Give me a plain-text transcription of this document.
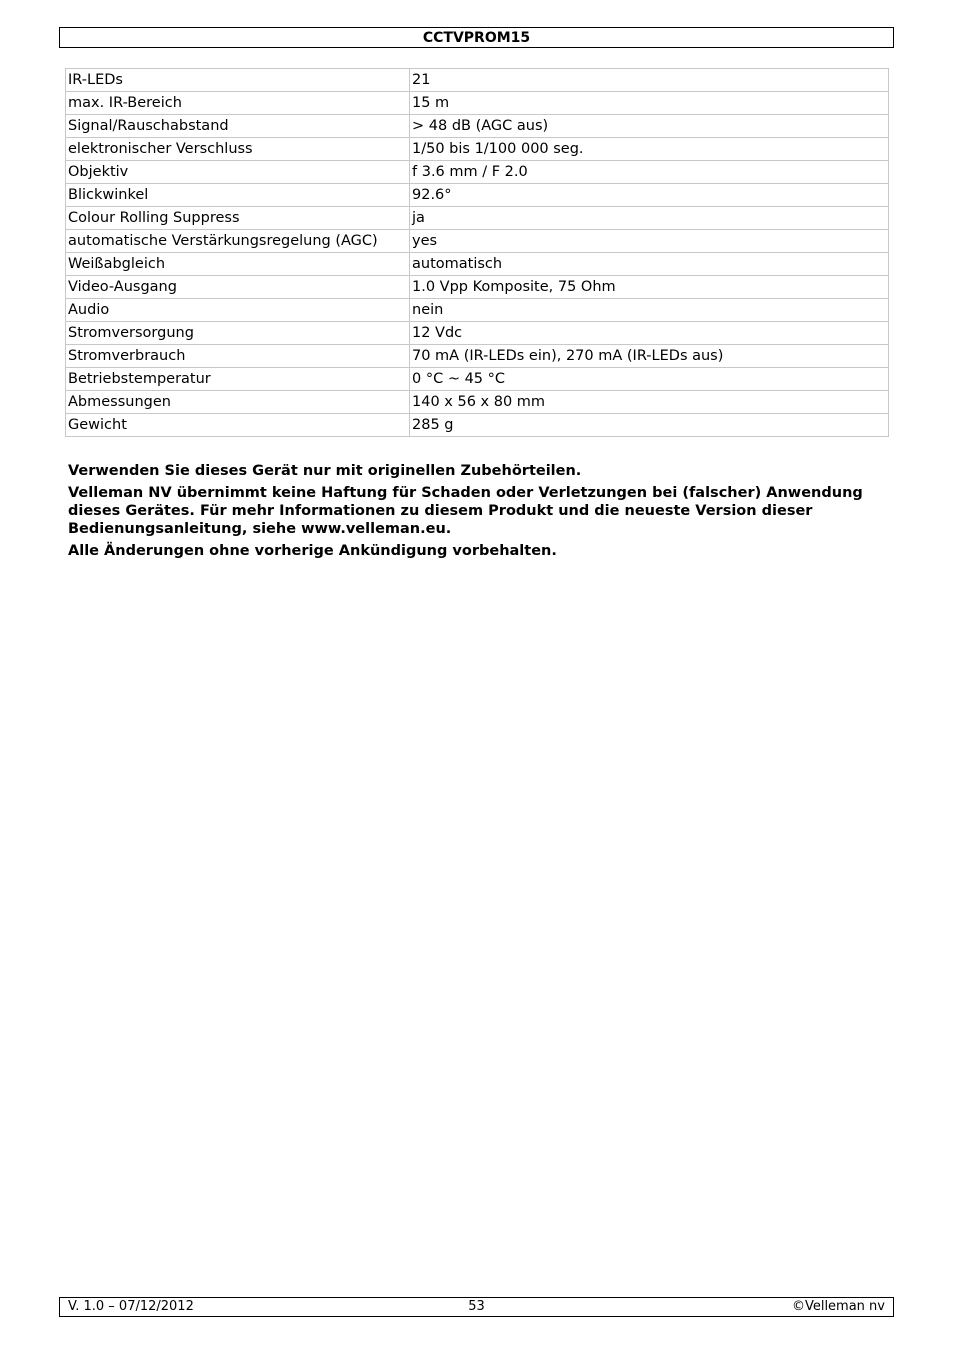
CCTVPROM15
IR-LEDs	21
max. IR-Bereich	15 m
Signal/Rauschabstand	> 48 dB (AGC aus)
elektronischer Verschluss	1/50 bis 1/100 000 seg.
Objektiv	f 3.6 mm / F 2.0
Blickwinkel	92.6°
Colour Rolling Suppress	ja
automatische Verstärkungsregelung (AGC)	yes
Weißabgleich	automatisch
Video-Ausgang	1.0 Vpp Komposite, 75 Ohm
Audio	nein
Stromversorgung	12 Vdc
Stromverbrauch	70 mA (IR-LEDs ein), 270 mA (IR-LEDs aus)
Betriebstemperatur	0 °C ~ 45 °C
Abmessungen	140 x 56 x 80 mm
Gewicht	285 g

Verwenden Sie dieses Gerät nur mit originellen Zubehörteilen.

Velleman NV übernimmt keine Haftung für Schaden oder Verletzungen bei (falscher) Anwendung dieses Gerätes. Für mehr Informationen zu diesem Produkt und die neueste Version dieser Bedienungsanleitung, siehe www.velleman.eu.

Alle Änderungen ohne vorherige Ankündigung vorbehalten.

V. 1.0 – 07/12/2012	53	©Velleman nv
